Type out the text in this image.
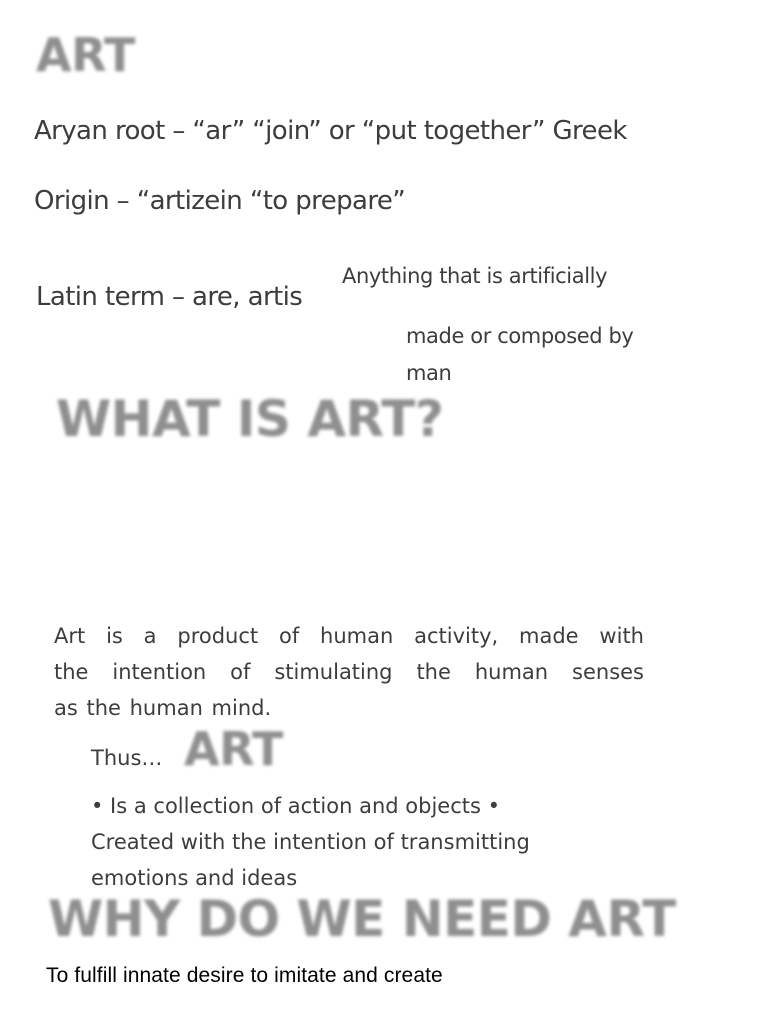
ART

Aryan root – “ar” “join” or “put together” Greek

Origin – “artizein “to prepare”

Latin term – are, artis

Anything that is artificially

made or composed by

man

WHAT IS ART?
Art is a product of human activity, made with
the intention of stimulating the human senses
as the human mind.

Thus… ART
• Is a collection of action and objects •
Created with the intention of transmitting
emotions and ideas
WHY DO WE NEED ART

To fulfill innate desire to imitate and create
